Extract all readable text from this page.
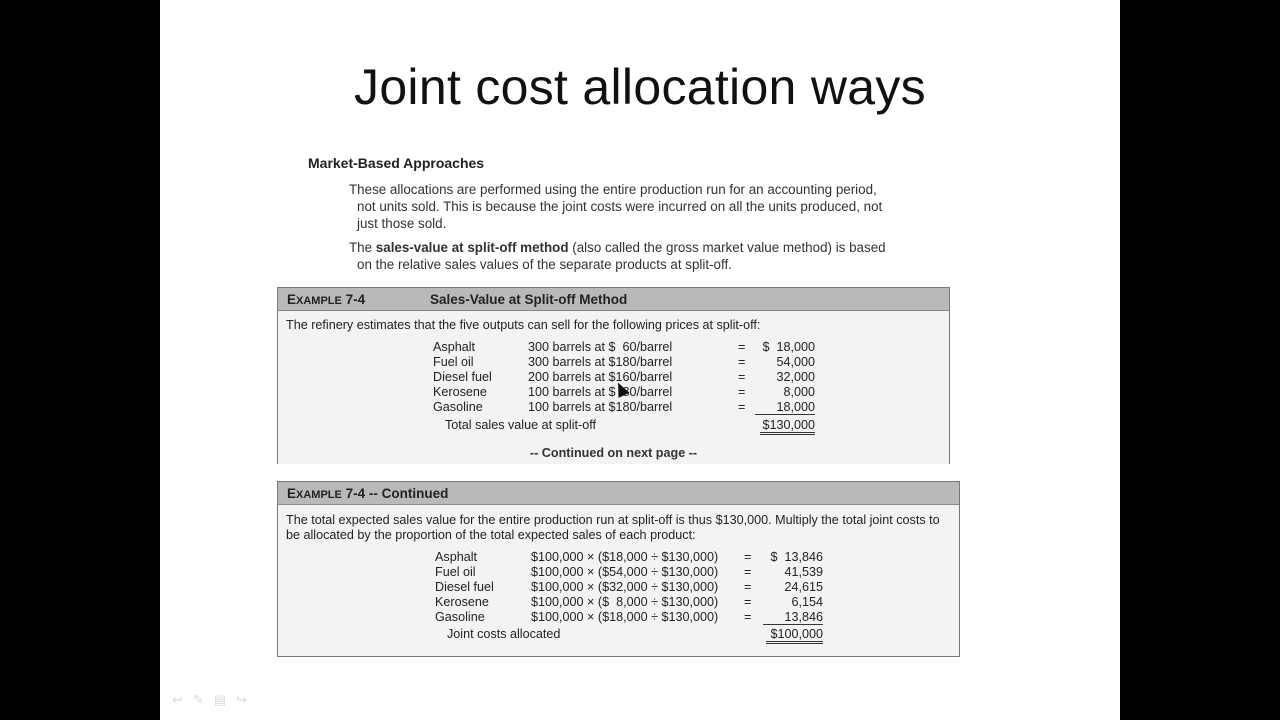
Joint cost allocation ways
Market-Based Approaches
These allocations are performed using the entire production run for an accounting period,
not units sold. This is because the joint costs were incurred on all the units produced, not
just those sold.
The sales-value at split-off method (also called the gross market value method) is based
on the relative sales values of the separate products at split-off.
EXAMPLE 7-4	Sales-Value at Split-off Method
The refinery estimates that the five outputs can sell for the following prices at split-off:
Asphalt	300 barrels at $  60/barrel	=	$  18,000
Fuel oil	300 barrels at $180/barrel	=	54,000
Diesel fuel	200 barrels at $160/barrel	=	32,000
Kerosene	100 barrels at $  80/barrel	=	8,000
Gasoline	100 barrels at $180/barrel	=	18,000
Total sales value at split-off	$130,000
-- Continued on next page --
EXAMPLE 7-4 -- Continued
The total expected sales value for the entire production run at split-off is thus $130,000. Multiply the total joint costs to be allocated by the proportion of the total expected sales of each product:
Asphalt	$100,000 × ($18,000 ÷ $130,000) =	$  13,846
Fuel oil	$100,000 × ($54,000 ÷ $130,000) =	41,539
Diesel fuel	$100,000 × ($32,000 ÷ $130,000) =	24,615
Kerosene	$100,000 × ($  8,000 ÷ $130,000) =	6,154
Gasoline	$100,000 × ($18,000 ÷ $130,000) =	13,846
Joint costs allocated	$100,000
↩ ✎ ▤ ↪
